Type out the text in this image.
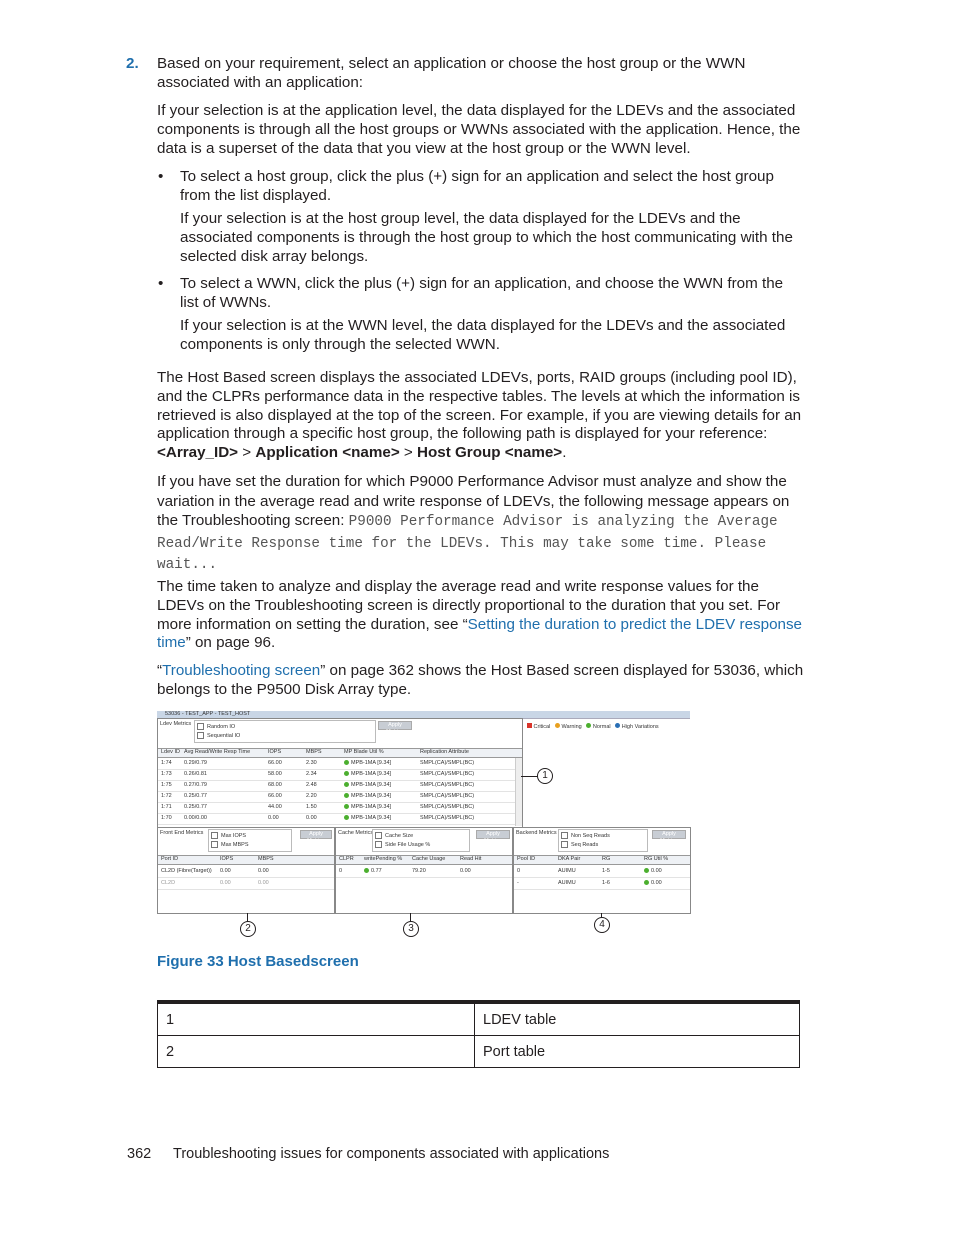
2. Based on your requirement, select an application or choose the host group or the WWN associated with an application:
If your selection is at the application level, the data displayed for the LDEVs and the associated components is through all the host groups or WWNs associated with the application. Hence, the data is a superset of the data that you view at the host group or the WWN level.
• To select a host group, click the plus (+) sign for an application and select the host group from the list displayed.
If your selection is at the host group level, the data displayed for the LDEVs and the associated components is through the host group to which the host communicating with the selected disk array belongs.
• To select a WWN, click the plus (+) sign for an application, and choose the WWN from the list of WWNs.
If your selection is at the WWN level, the data displayed for the LDEVs and the associated components is only through the selected WWN.
The Host Based screen displays the associated LDEVs, ports, RAID groups (including pool ID), and the CLPRs performance data in the respective tables. The levels at which the information is retrieved is also displayed at the top of the screen. For example, if you are viewing details for an application through a specific host group, the following path is displayed for your reference: <Array_ID> > Application <name> > Host Group <name>.
If you have set the duration for which P9000 Performance Advisor must analyze and show the variation in the average read and write response of LDEVs, the following message appears on the Troubleshooting screen: P9000 Performance Advisor is analyzing the Average Read/Write Response time for the LDEVs. This may take some time. Please wait...
The time taken to analyze and display the average read and write response values for the LDEVs on the Troubleshooting screen is directly proportional to the duration that you set. For more information on setting the duration, see “Setting the duration to predict the LDEV response time” on page 96.
“Troubleshooting screen” on page 362 shows the Host Based screen displayed for 53036, which belongs to the P9500 Disk Array type.
53036 - TEST_APP - TEST_HOST
Ldev Metrics	Random IO
Sequential IO
Apply Metrics
Ldev ID Avg Read/Write Resp Time	IOPS	MBPS	MP Blade Util %	Replication Attribute
1:74 0.29/0.79	66.00	2.30	MPB-1MA [9.34]	SMPL(CA)/SMPL(BC)
1:73 0.26/0.81	58.00	2.34	MPB-1MA [9.34]	SMPL(CA)/SMPL(BC)
1:75 0.27/0.79	68.00	2.48	MPB-1MA [9.34]	SMPL(CA)/SMPL(BC)
1:72 0.25/0.77	66.00	2.20	MPB-1MA [9.34]	SMPL(CA)/SMPL(BC)
1:71 0.25/0.77	44.00	1.50	MPB-1MA [9.34]	SMPL(CA)/SMPL(BC)
1:70 0.00/0.00	0.00	0.00	MPB-1MA [9.34]	SMPL(CA)/SMPL(BC)
Critical Warning Normal High Variations
Front End Metrics	Max IOPS
Max MBPS
Apply Metrics
Port ID	IOPS	MBPS
CL2D (Fibre(Target)) 0.00	0.00
CL2D	0.00	0.00
Cache Metrics	Cache Size
Side File Usage %
Apply Metrics
CLPR writePending % Cache Usage	Read Hit
0	0.77	79.20	0.00
Backend Metrics	Non Seq Reads
Seq Reads
Apply Metrics
Pool ID	DKA Pair	RG	RG Util %
0	AUIMU	1-5	0.00
-	AUIMU	1-6	0.00
1
2	3	4
Figure 33 Host Basedscreen
1	LDEV table
2	Port table
362 Troubleshooting issues for components associated with applications
